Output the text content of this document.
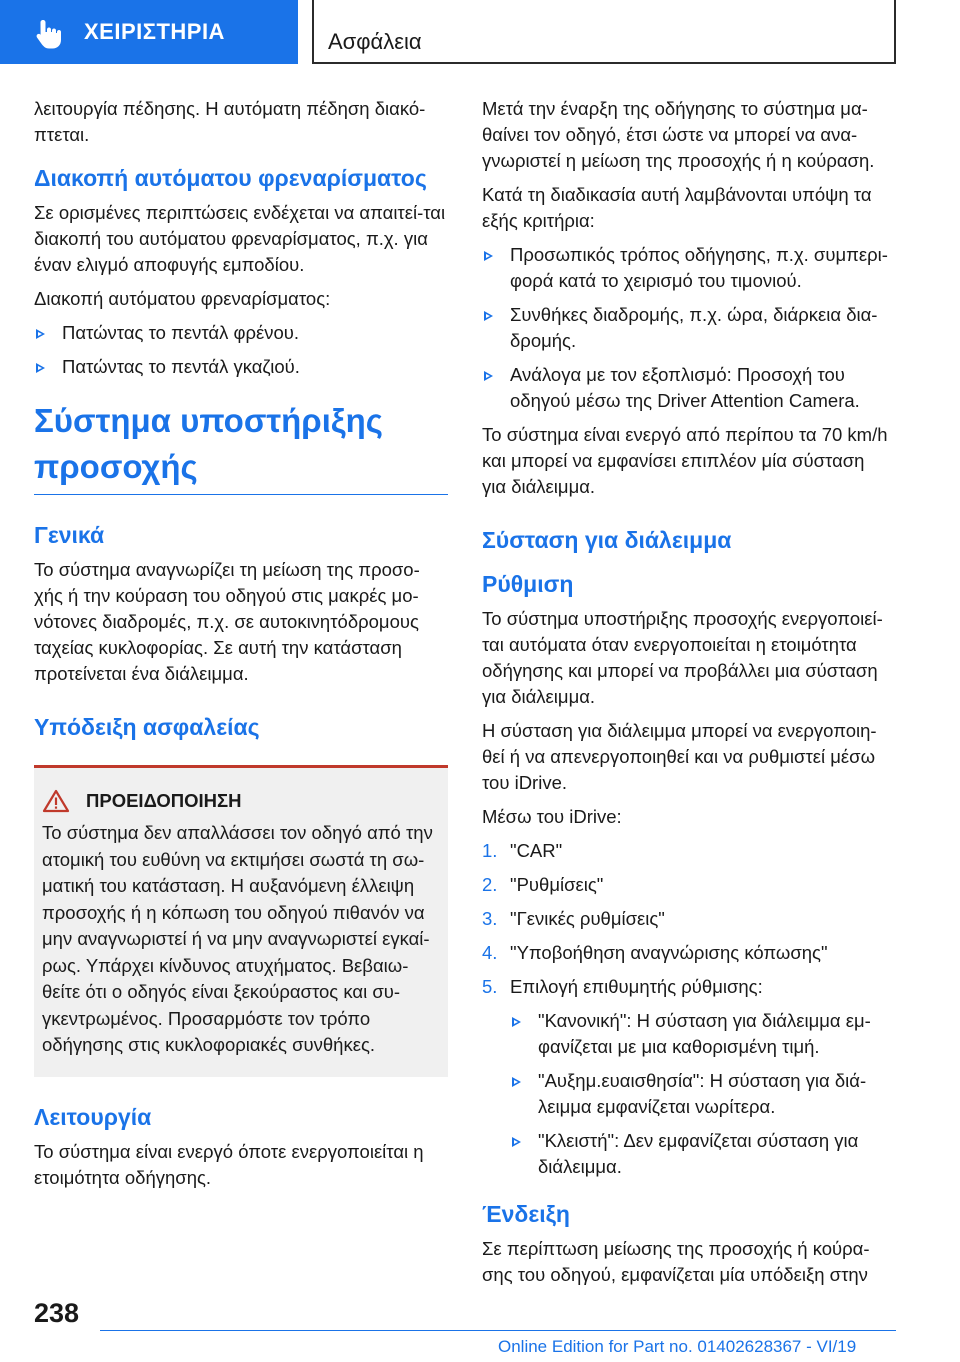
ΧΕΙΡΙΣΤΗΡΙΑ	Ασφάλεια

λειτουργία πέδησης. Η αυτόματη πέδηση διακό-πτεται.

Διακοπή αυτόματου φρεναρίσματος

Σε ορισμένες περιπτώσεις ενδέχεται να απαιτεί-ται διακοπή του αυτόματου φρεναρίσματος, π.χ. για έναν ελιγμό αποφυγής εμποδίου.

Διακοπή αυτόματου φρεναρίσματος:

Πατώντας το πεντάλ φρένου.
Πατώντας το πεντάλ γκαζιού.
Σύστημα υποστήριξης προσοχής
Γενικά

Το σύστημα αναγνωρίζει τη μείωση της προσο-χής ή την κούραση του οδηγού στις μακρές μο-νότονες διαδρομές, π.χ. σε αυτοκινητόδρομους ταχείας κυκλοφορίας. Σε αυτή την κατάσταση προτείνεται ένα διάλειμμα.

Υπόδειξη ασφαλείας
ΠΡΟΕΙΔΟΠΟΙΗΣΗ
Το σύστημα δεν απαλλάσσει τον οδηγό από την ατομική του ευθύνη να εκτιμήσει σωστά τη σω-ματική του κατάσταση. Η αυξανόμενη έλλειψη προσοχής ή η κόπωση του οδηγού πιθανόν να μην αναγνωριστεί ή να μην αναγνωριστεί εγκαί-ρως. Υπάρχει κίνδυνος ατυχήματος. Βεβαιω-θείτε ότι ο οδηγός είναι ξεκούραστος και συ-γκεντρωμένος. Προσαρμόστε τον τρόπο οδήγησης στις κυκλοφοριακές συνθήκες.
Λειτουργία

Το σύστημα είναι ενεργό όποτε ενεργοποιείται η ετοιμότητα οδήγησης.

Μετά την έναρξη της οδήγησης το σύστημα μα-θαίνει τον οδηγό, έτσι ώστε να μπορεί να ανα-γνωριστεί η μείωση της προσοχής ή η κούραση.

Κατά τη διαδικασία αυτή λαμβάνονται υπόψη τα εξής κριτήρια:

Προσωπικός τρόπος οδήγησης, π.χ. συμπερι-φορά κατά το χειρισμό του τιμονιού.
Συνθήκες διαδρομής, π.χ. ώρα, διάρκεια δια-δρομής.
Ανάλογα με τον εξοπλισμό: Προσοχή του οδηγού μέσω της Driver Attention Camera.

Το σύστημα είναι ενεργό από περίπου τα 70 km/h και μπορεί να εμφανίσει επιπλέον μία σύσταση για διάλειμμα.

Σύσταση για διάλειμμα
Ρύθμιση

Το σύστημα υποστήριξης προσοχής ενεργοποιεί-ται αυτόματα όταν ενεργοποιείται η ετοιμότητα οδήγησης και μπορεί να προβάλλει μια σύσταση για διάλειμμα.

Η σύσταση για διάλειμμα μπορεί να ενεργοποιη-θεί ή να απενεργοποιηθεί και να ρυθμιστεί μέσω του iDrive.

Μέσω του iDrive:

1. "CAR"
2. "Ρυθμίσεις"
3. "Γενικές ρυθμίσεις"
4. "Υποβοήθηση αναγνώρισης κόπωσης"
5. Επιλογή επιθυμητής ρύθμισης:
"Κανονική": Η σύσταση για διάλειμμα εμ-φανίζεται με μια καθορισμένη τιμή.
"Αυξημ.ευαισθησία": Η σύσταση για διά-λειμμα εμφανίζεται νωρίτερα.
"Κλειστή": Δεν εμφανίζεται σύσταση για διάλειμμα.
Ένδειξη

Σε περίπτωση μείωσης της προσοχής ή κούρα-σης του οδηγού, εμφανίζεται μία υπόδειξη στην

238
Online Edition for Part no. 01402628367 - VI/19
